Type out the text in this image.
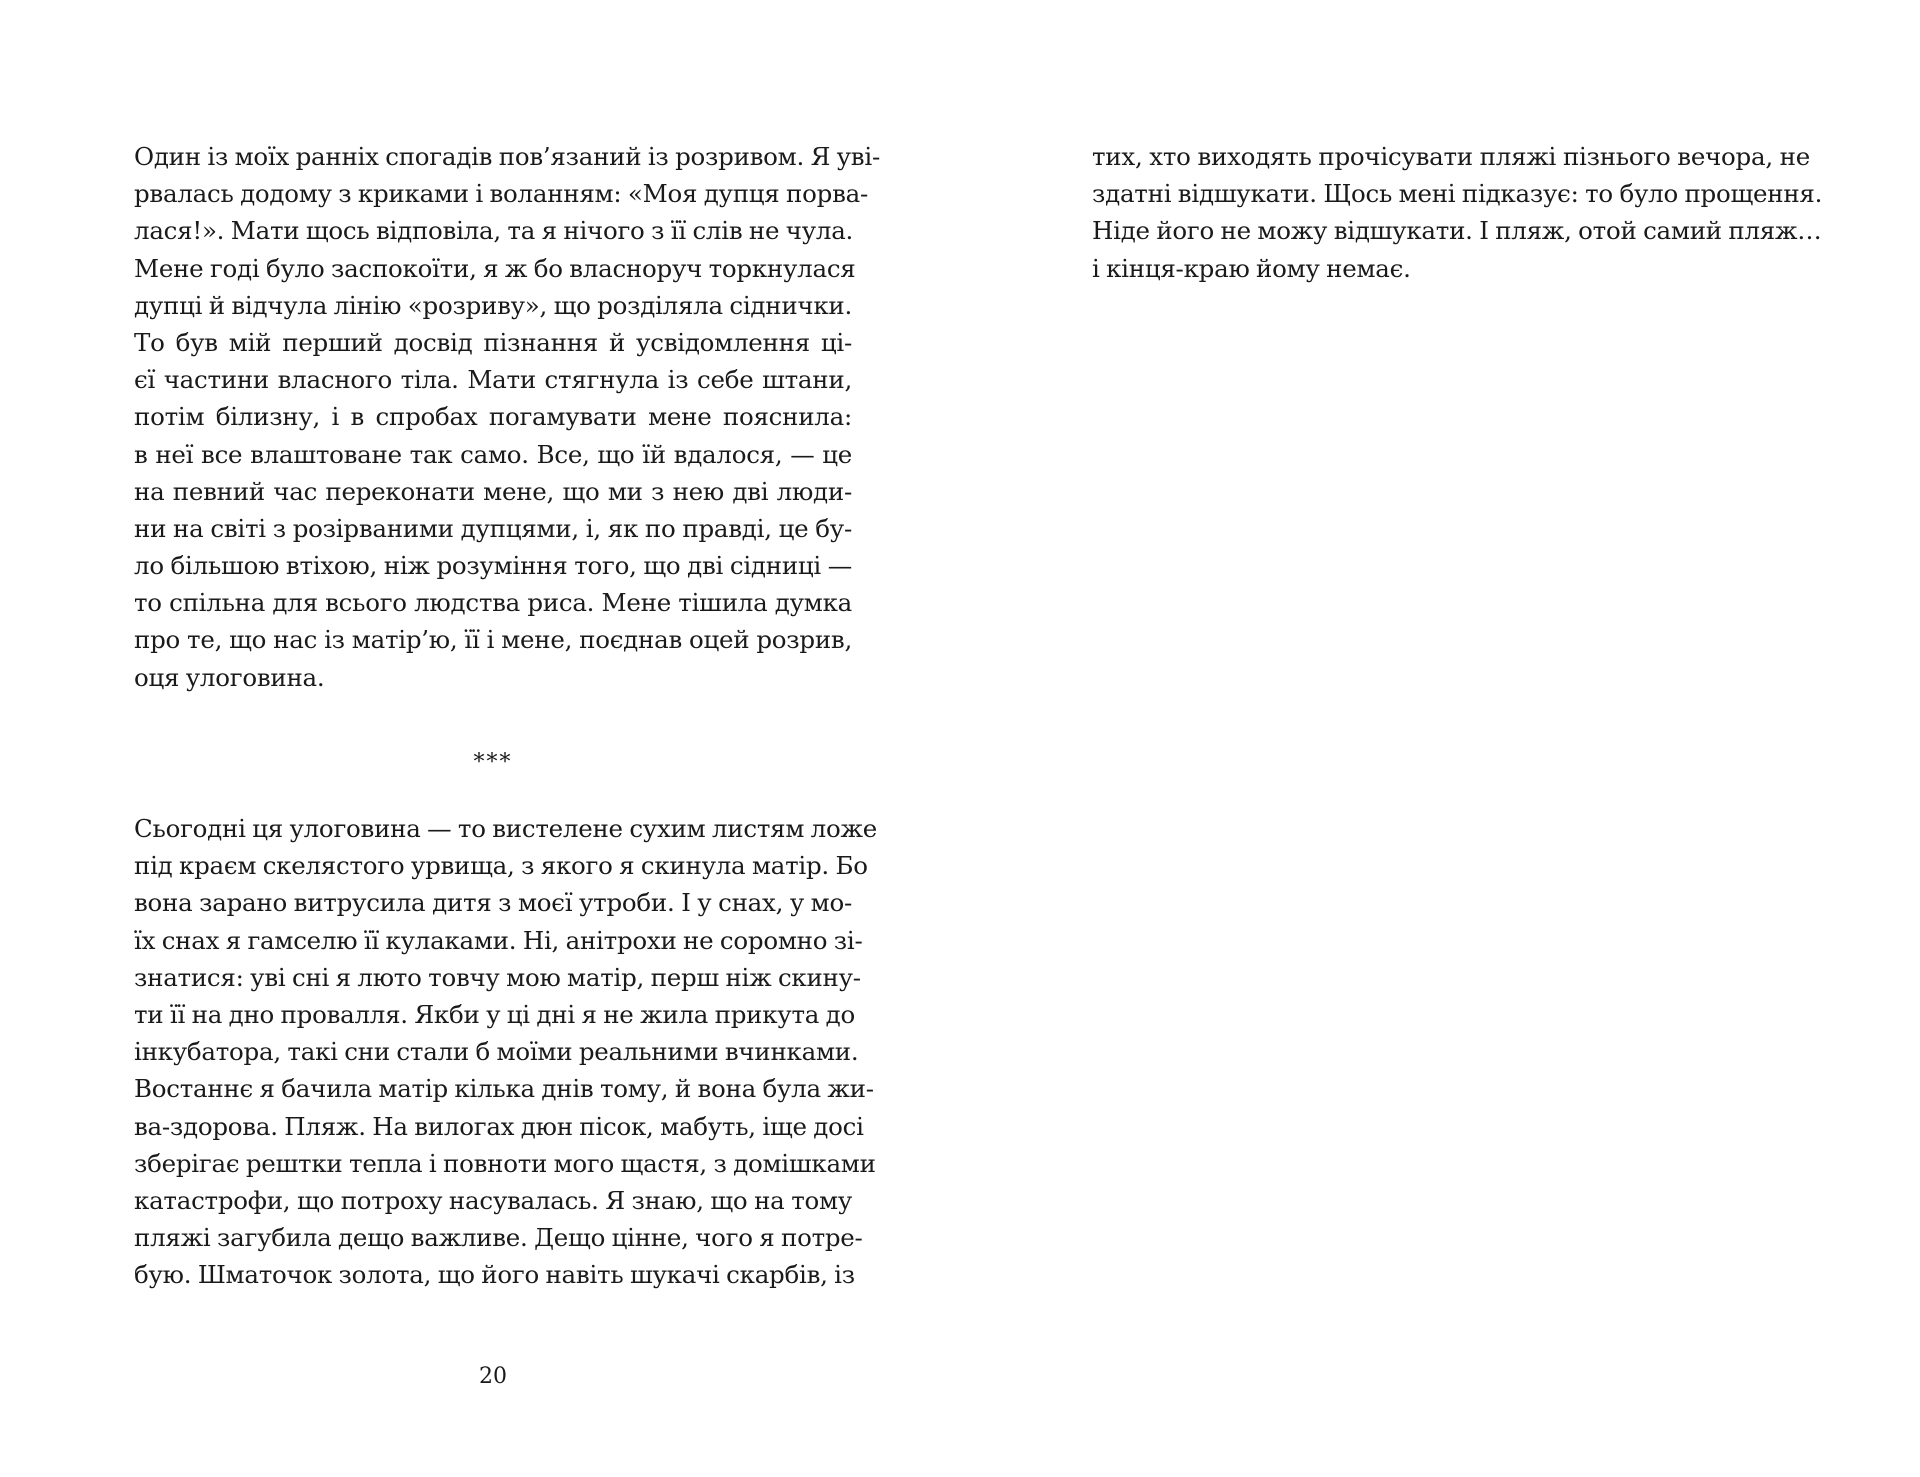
Один із моїх ранніх спогадів пов’язаний із розривом. Я уві-
рвалась додому з криками і воланням: «Моя дупця порва-
лася!». Мати щось відповіла, та я нічого з її слів не чула.
Мене годі було заспокоїти, я ж бо власноруч торкнулася
дупці й відчула лінію «розриву», що розділяла сіднички.
То був мій перший досвід пізнання й усвідомлення ці-
єї частини власного тіла. Мати стягнула із себе штани,
потім білизну, і в спробах погамувати мене пояснила:
в неї все влаштоване так само. Все, що їй вдалося, — це
на певний час переконати мене, що ми з нею дві люди-
ни на світі з розірваними дупцями, і, як по правді, це бу-
ло більшою втіхою, ніж розуміння того, що дві сідниці —
то спільна для всього людства риса. Мене тішила думка
про те, що нас із матір’ю, її і мене, поєднав оцей розрив,
оця улоговина.
***
Сьогодні ця улоговина — то вистелене сухим листям ложе
під краєм скелястого урвища, з якого я скинула матір. Бо
вона зарано витрусила дитя з моєї утроби. І у снах, у мо-
їх снах я гамселю її кулаками. Ні, анітрохи не соромно зі-
знатися: уві сні я люто товчу мою матір, перш ніж скину-
ти її на дно провалля. Якби у ці дні я не жила прикута до
інкубатора, такі сни стали б моїми реальними вчинками.
Востаннє я бачила матір кілька днів тому, й вона була жи-
ва-здорова. Пляж. На вилогах дюн пісок, мабуть, іще досі
зберігає рештки тепла і повноти мого щастя, з домішками
катастрофи, що потроху насувалась. Я знаю, що на тому
пляжі загубила дещо важливе. Дещо цінне, чого я потре-
бую. Шматочок золота, що його навіть шукачі скарбів, із
20
тих, хто виходять прочісувати пляжі пізнього вечора, не
здатні відшукати. Щось мені підказує: то було прощення.
Ніде його не можу відшукати. І пляж, отой самий пляж…
і кінця-краю йому немає.
